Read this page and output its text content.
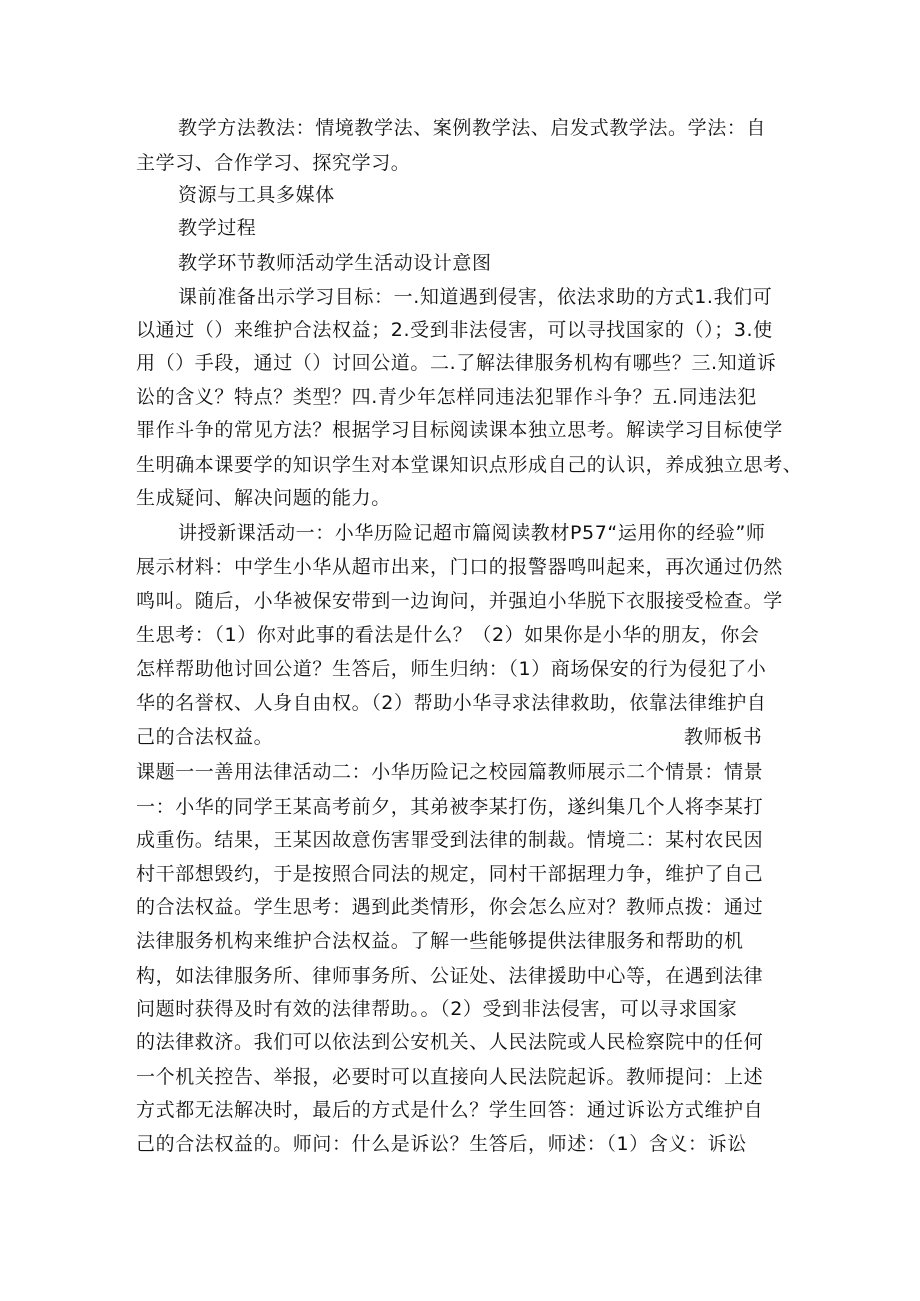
教学方法教法：情境教学法、案例教学法、启发式教学法。学法：自

主学习、合作学习、探究学习。

资源与工具多媒体

教学过程

教学环节教师活动学生活动设计意图

课前准备出示学习目标：一.知道遇到侵害，依法求助的方式1.我们可

以通过（）来维护合法权益；2.受到非法侵害，可以寻找国家的（）；3.使

用（）手段，通过（）讨回公道。二.了解法律服务机构有哪些？三.知道诉

讼的含义？特点？类型？四.青少年怎样同违法犯罪作斗争？五.同违法犯

罪作斗争的常见方法？根据学习目标阅读课本独立思考。解读学习目标使学

生明确本课要学的知识学生对本堂课知识点形成自己的认识，养成独立思考、

生成疑问、解决问题的能力。

讲授新课活动一：小华历险记超市篇阅读教材P57“运用你的经验”师

展示材料：中学生小华从超市出来，门口的报警器鸣叫起来，再次通过仍然

鸣叫。随后，小华被保安带到一边询问，并强迫小华脱下衣服接受检查。学

生思考：（1）你对此事的看法是什么？（2）如果你是小华的朋友，你会

怎样帮助他讨回公道？生答后，师生归纳：（1）商场保安的行为侵犯了小

华的名誉权、人身自由权。（2）帮助小华寻求法律救助，依靠法律维护自

己的合法权益。	教师板书

课题一一善用法律活动二：小华历险记之校园篇教师展示二个情景：情景

一：小华的同学王某高考前夕，其弟被李某打伤，遂纠集几个人将李某打

成重伤。结果，王某因故意伤害罪受到法律的制裁。情境二：某村农民因

村干部想毁约，于是按照合同法的规定，同村干部据理力争，维护了自己

的合法权益。学生思考：遇到此类情形，你会怎么应对？教师点拨：通过

法律服务机构来维护合法权益。了解一些能够提供法律服务和帮助的机

构，如法律服务所、律师事务所、公证处、法律援助中心等，在遇到法律

问题时获得及时有效的法律帮助。。（2）受到非法侵害，可以寻求国家

的法律救济。我们可以依法到公安机关、人民法院或人民检察院中的任何

一个机关控告、举报，必要时可以直接向人民法院起诉。教师提问：上述

方式都无法解决时，最后的方式是什么？学生回答：通过诉讼方式维护自

己的合法权益的。师问：什么是诉讼？生答后，师述：（1）含义：诉讼
